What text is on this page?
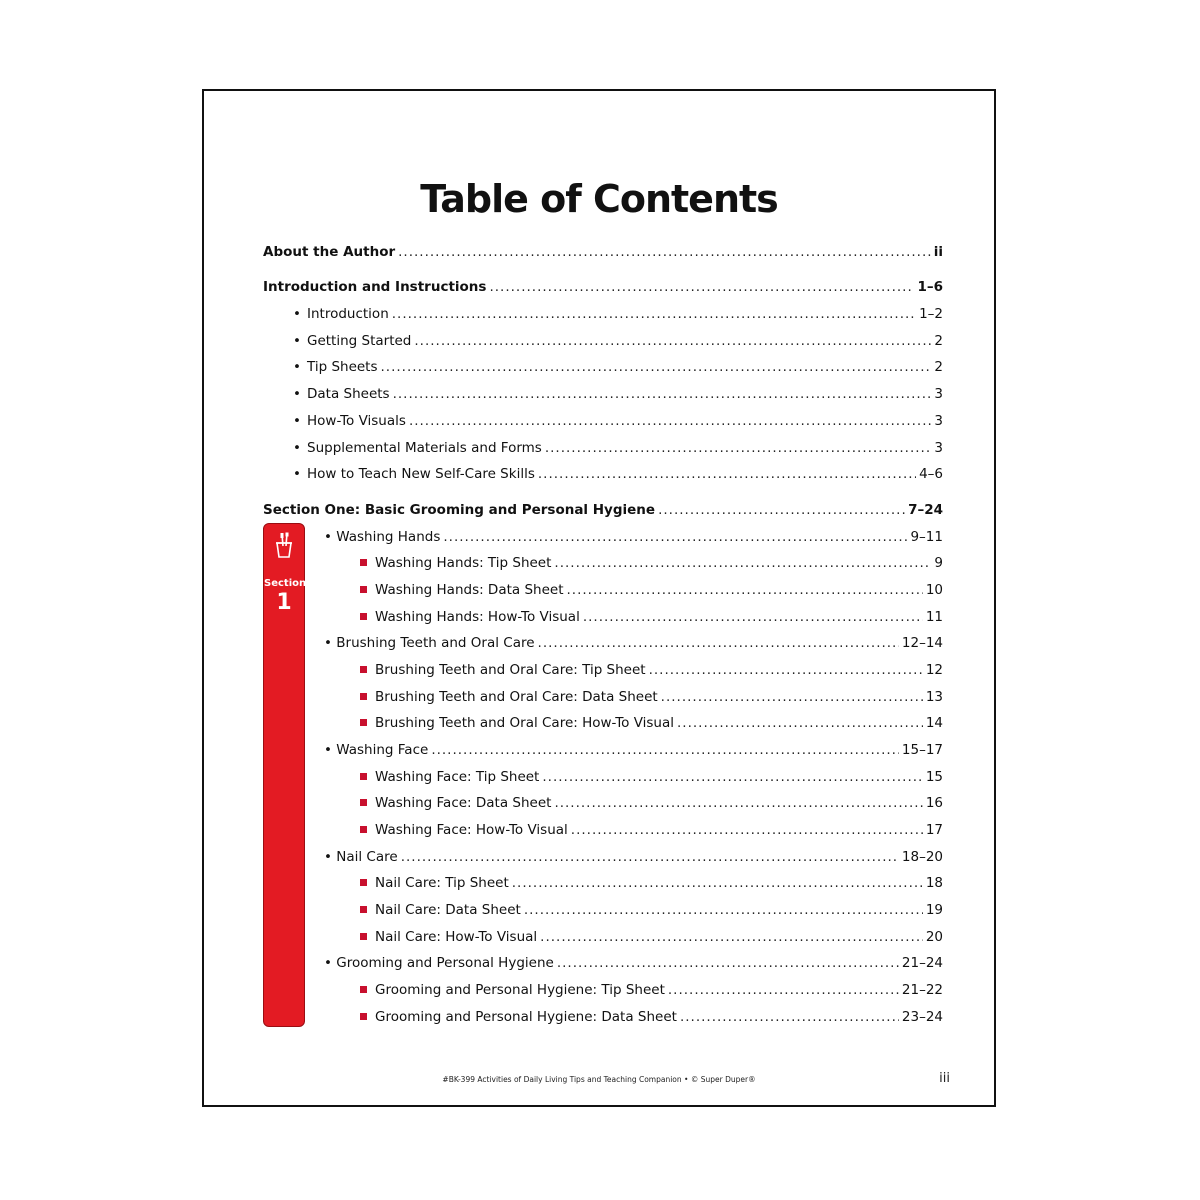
Table of Contents
About the Author .....	ii
Introduction and Instructions .....	1–6
• Introduction .....	1–2
• Getting Started .....	2
• Tip Sheets .....	2
• Data Sheets .....	3
• How-To Visuals .....	3
• Supplemental Materials and Forms .....	3
• How to Teach New Self-Care Skills .....	4–6
Section One: Basic Grooming and Personal Hygiene .....	7–24
• Washing Hands .....	9–11
Washing Hands: Tip Sheet .....	9
Washing Hands: Data Sheet .....	10
Washing Hands: How-To Visual .....	11
• Brushing Teeth and Oral Care .....	12–14
Brushing Teeth and Oral Care: Tip Sheet .....	12
Brushing Teeth and Oral Care: Data Sheet .....	13
Brushing Teeth and Oral Care: How-To Visual .....	14
• Washing Face .....	15–17
Washing Face: Tip Sheet .....	15
Washing Face: Data Sheet .....	16
Washing Face: How-To Visual .....	17
• Nail Care .....	18–20
Nail Care: Tip Sheet .....	18
Nail Care: Data Sheet .....	19
Nail Care: How-To Visual .....	20
• Grooming and Personal Hygiene .....	21–24
Grooming and Personal Hygiene: Tip Sheet .....	21–22
Grooming and Personal Hygiene: Data Sheet .....	23–24
Section
1
#BK-399 Activities of Daily Living Tips and Teaching Companion • © Super Duper®	iii
